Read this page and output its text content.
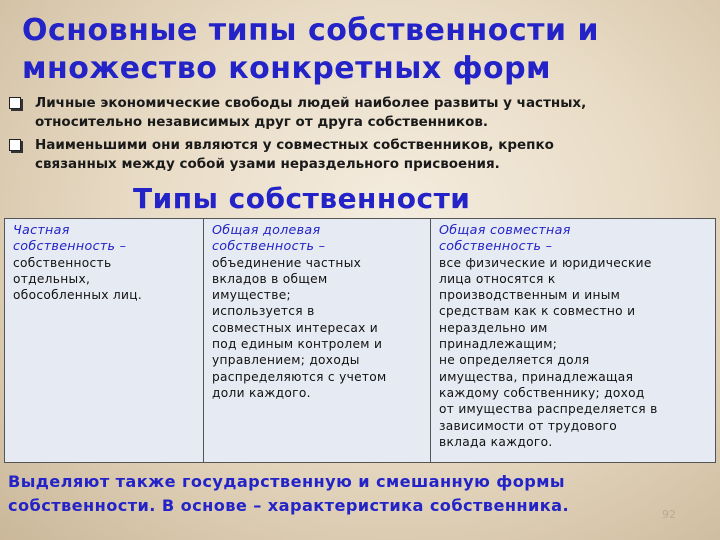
Основные типы собственности и
множество конкретных форм
Личные экономические свободы людей наиболее развиты у частных,
относительно независимых друг от друга собственников.
Наименьшими они являются у совместных собственников, крепко
связанных между собой узами нераздельного присвоения.
Типы собственности
Частная
собственность –
собственность
отдельных,
обособленных лиц.

Общая долевая
собственность –
объединение частных
вкладов в общем
имуществе;
используется в
совместных интересах и
под единым контролем и
управлением; доходы
распределяются с учетом
доли каждого.

Общая совместная
собственность –
все физические и юридические
лица относятся к
производственным и иным
средствам как к совместно и
нераздельно им
принадлежащим;
не определяется доля
имущества, принадлежащая
каждому собственнику; доход
от имущества распределяется в
зависимости от трудового
вклада каждого.

Выделяют также государственную и смешанную формы
собственности. В основе – характеристика собственника.	92
